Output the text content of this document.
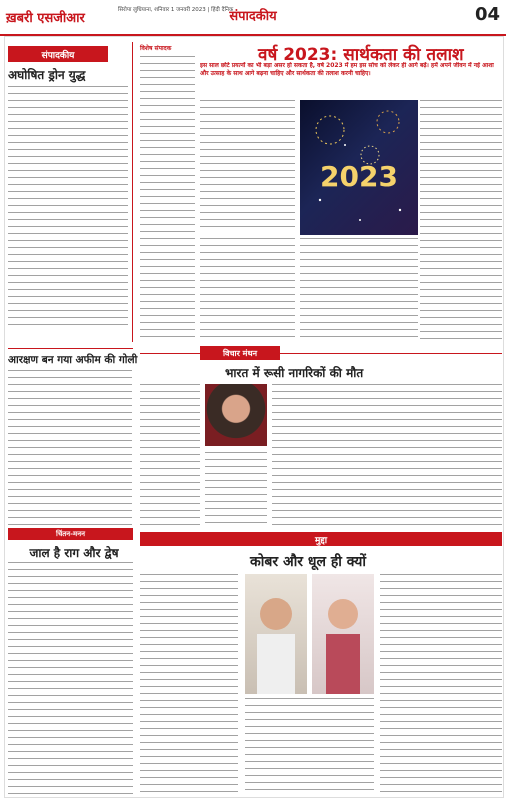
ख़बरी एसजीआर
सिरोपा लुधियाना, शनिवार 1 जनवरी 2023 | हिंदी दैनिक
संपादकीय	04
संपादकीय
अघोषित ड्रोन युद्ध
विशेष संपादक	वर्ष 2023: सार्थकता की तलाश
इस साल छोटे प्रयत्नों का भी बड़ा असर हो सकता है, वर्ष 2023 में हम इस सोच को लेकर ही आगे बढ़ें। हमें अपने जीवन में नई आशा और उत्साह के साथ आगे बढ़ना चाहिए और सार्थकता की तलाश करनी चाहिए।
2023
आरक्षण बन गया अफीम की गोली
विचार मंथन
भारत में रूसी नागरिकों की मौत
चिंतन-मनन
जाल है राग और द्वेष
मुद्दा
कोबर और धूल ही क्यों
